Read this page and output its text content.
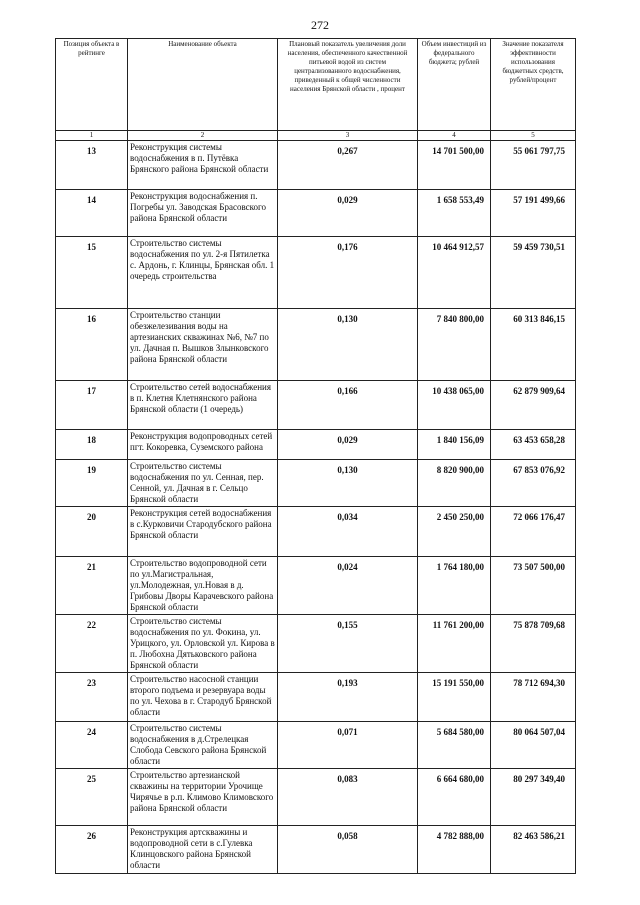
272
Позиция объекта в рейтинге	Наименование объекта	Плановый показатель увеличения доли населения, обеспеченного качественной питьевой водой из систем централизованного водоснабжения, приведенный к общей численности населения Брянской области , процент	Объем инвестиций из федерального бюджета; рублей	Значение показателя эффективности использования бюджетных средств, рублей/процент
1	2	3	4	5
13	Реконструкция системы водоснабжения в п. Путёвка Брянского района Брянской области	0,267	14 701 500,00	55 061 797,75
14	Реконструкция водоснабжения п. Погребы ул. Заводская Брасовского района Брянской области	0,029	1 658 553,49	57 191 499,66
15	Строительство системы водоснабжения по ул. 2-я Пятилетка с. Ардонь, г. Клинцы, Брянская обл. 1 очередь строительства	0,176	10 464 912,57	59 459 730,51
16	Строительство станции обезжелезивания воды на артезианских скважинах №6, №7 по ул. Дачная п. Вышков Злынковского района Брянской области	0,130	7 840 800,00	60 313 846,15
17	Строительство сетей водоснабжения в п. Клетня Клетнянского района Брянской области (1 очередь)	0,166	10 438 065,00	62 879 909,64
18	Реконструкция водопроводных сетей пгт. Кокоревка, Суземского района	0,029	1 840 156,09	63 453 658,28
19	Строительство системы водоснабжения по ул. Сенная, пер. Сенной, ул. Дачная в г. Сельцо Брянской области	0,130	8 820 900,00	67 853 076,92
20	Реконструкция сетей водоснабжения в с.Курковичи Стародубского района Брянской области	0,034	2 450 250,00	72 066 176,47
21	Строительство водопроводной сети по ул.Магистральная, ул.Молодежная, ул.Новая в д. Грибовы Дворы Карачевского района Брянской области	0,024	1 764 180,00	73 507 500,00
22	Строительство системы водоснабжения по ул. Фокина, ул. Урицкого, ул. Орловской ул. Кирова в п. Любохна Дятьковского района Брянской области	0,155	11 761 200,00	75 878 709,68
23	Строительство насосной станции второго подъема и резервуара воды по ул. Чехова в г. Стародуб Брянской области	0,193	15 191 550,00	78 712 694,30
24	Строительство системы водоснабжения в д.Стрелецкая Слобода Севского района Брянской области	0,071	5 684 580,00	80 064 507,04
25	Строительство артезианской скважины на территории Урочище Чирячье в р.п. Климово Климовского района Брянской области	0,083	6 664 680,00	80 297 349,40
26	Реконструкция артскважины и водопроводной сети в с.Гулевка Клинцовского района Брянской области	0,058	4 782 888,00	82 463 586,21
